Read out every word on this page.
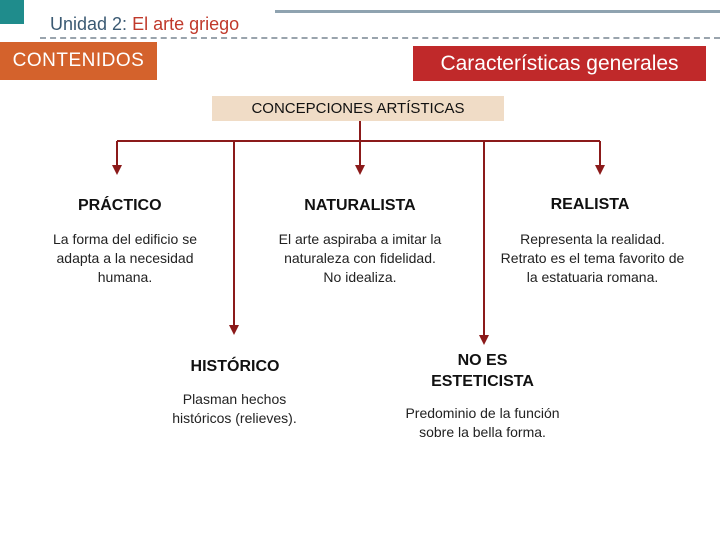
Unidad 2: El arte griego
CONTENIDOS	Características generales
CONCEPCIONES ARTÍSTICAS
PRÁCTICO
La forma del edificio se adapta a la necesidad humana.
NATURALISTA
El arte aspiraba a imitar la naturaleza con fidelidad.
No idealiza.
REALISTA
Representa la realidad.
Retrato es el tema favorito de la estatuaria romana.
HISTÓRICO
Plasman hechos históricos (relieves).
NO ES ESTETICISTA
Predominio de la función sobre la bella forma.
